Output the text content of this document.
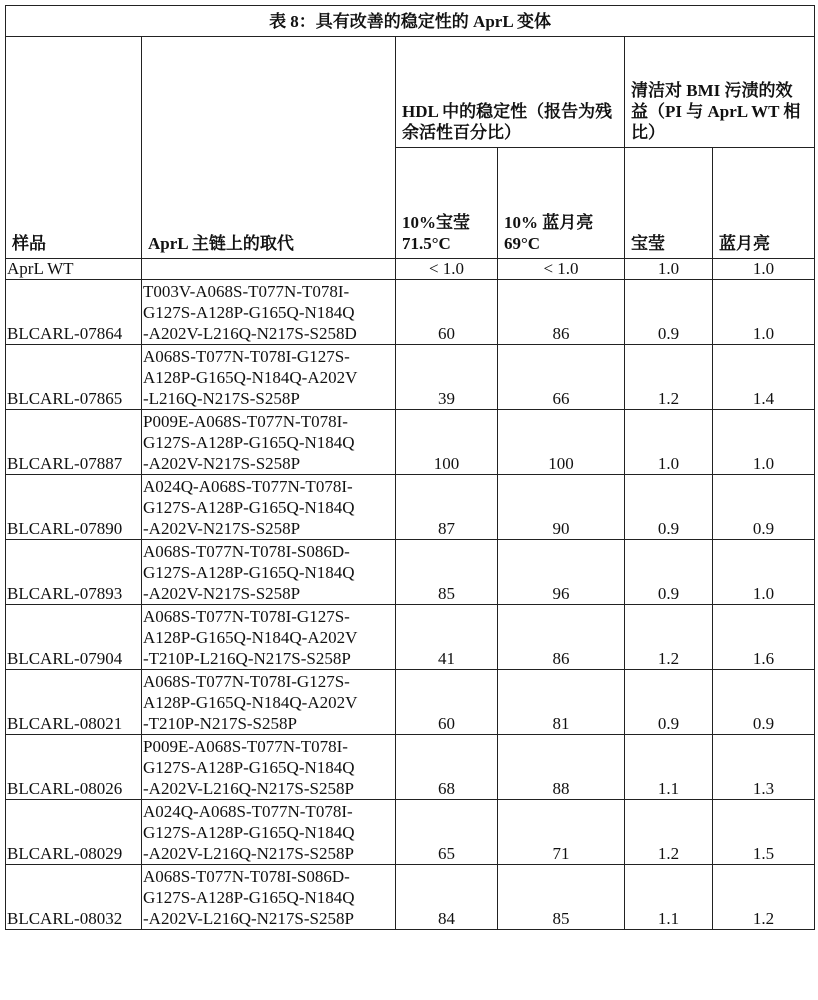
表 8：具有改善的稳定性的 AprL 变体					
样品	AprL 主链上的取代	HDL 中的稳定性（报告为残余活性百分比）		清洁对 BMI 污渍的效益（PI 与 AprL WT 相比）	
		10%宝莹 71.5°C	10% 蓝月亮 69°C	宝莹	蓝月亮
AprL WT		< 1.0	< 1.0	1.0	1.0
BLCARL-07864	T003V-A068S-T077N-T078I-
G127S-A128P-G165Q-N184Q
-A202V-L216Q-N217S-S258D	60	86	0.9	1.0
BLCARL-07865	A068S-T077N-T078I-G127S-
A128P-G165Q-N184Q-A202V
-L216Q-N217S-S258P	39	66	1.2	1.4
BLCARL-07887	P009E-A068S-T077N-T078I-
G127S-A128P-G165Q-N184Q
-A202V-N217S-S258P	100	100	1.0	1.0
BLCARL-07890	A024Q-A068S-T077N-T078I-
G127S-A128P-G165Q-N184Q
-A202V-N217S-S258P	87	90	0.9	0.9
BLCARL-07893	A068S-T077N-T078I-S086D-
G127S-A128P-G165Q-N184Q
-A202V-N217S-S258P	85	96	0.9	1.0
BLCARL-07904	A068S-T077N-T078I-G127S-
A128P-G165Q-N184Q-A202V
-T210P-L216Q-N217S-S258P	41	86	1.2	1.6
BLCARL-08021	A068S-T077N-T078I-G127S-
A128P-G165Q-N184Q-A202V
-T210P-N217S-S258P	60	81	0.9	0.9
BLCARL-08026	P009E-A068S-T077N-T078I-
G127S-A128P-G165Q-N184Q
-A202V-L216Q-N217S-S258P	68	88	1.1	1.3
BLCARL-08029	A024Q-A068S-T077N-T078I-
G127S-A128P-G165Q-N184Q
-A202V-L216Q-N217S-S258P	65	71	1.2	1.5
BLCARL-08032	A068S-T077N-T078I-S086D-
G127S-A128P-G165Q-N184Q
-A202V-L216Q-N217S-S258P	84	85	1.1	1.2
